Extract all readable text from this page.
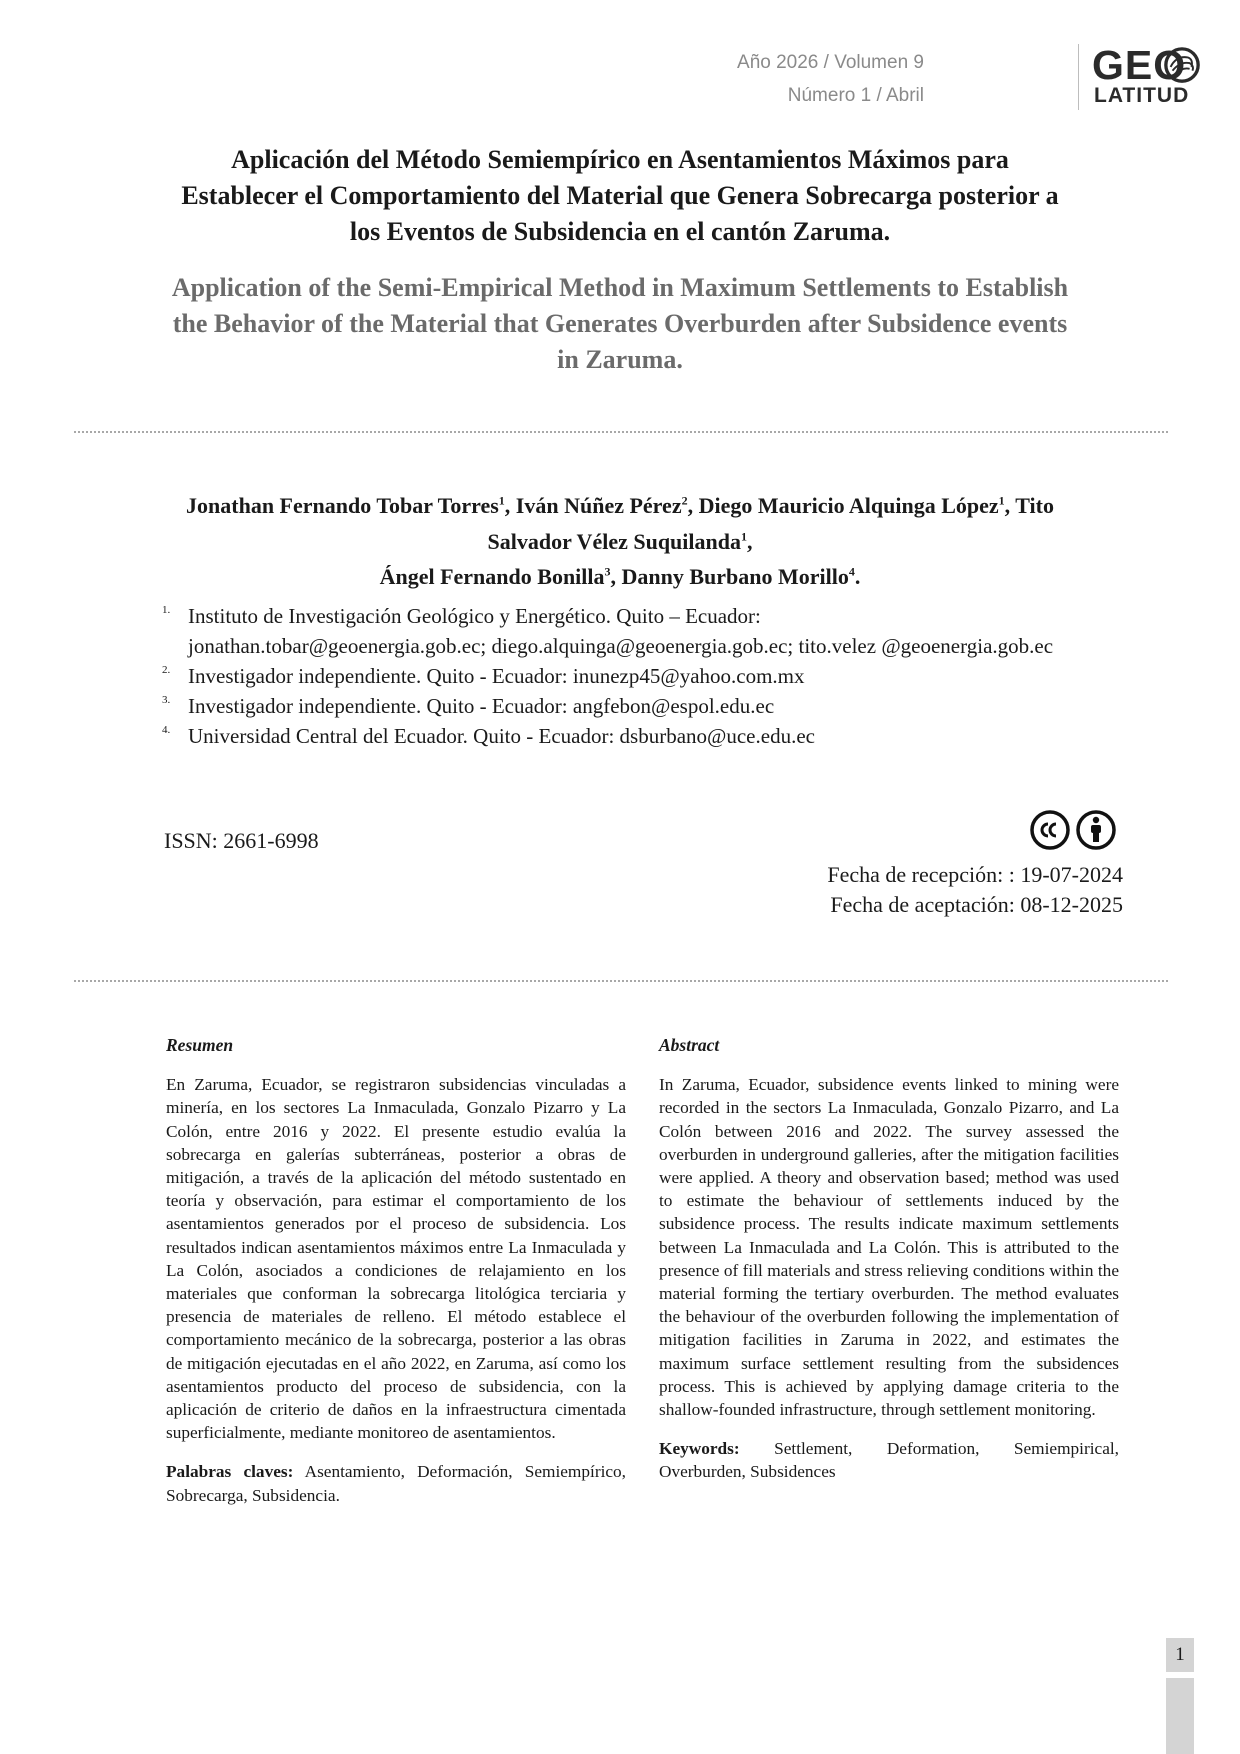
Año 2026 / Volumen 9
Número 1 / Abril
GEO
LATITUD
Aplicación del Método Semiempírico en Asentamientos Máximos para Establecer el Comportamiento del Material que Genera Sobrecarga posterior a los Eventos de Subsidencia en el cantón Zaruma.
Application of the Semi-Empirical Method in Maximum Settlements to Establish the Behavior of the Material that Generates Overburden after Subsidence events in Zaruma.
Jonathan Fernando Tobar Torres$^1$, Iván Núñez Pérez$^2$, Diego Mauricio Alquinga López$^1$, Tito Salvador Vélez Suquilanda$^1$,
Ángel Fernando Bonilla$^3$, Danny Burbano Morillo$^4$.
1. Instituto de Investigación Geológico y Energético. Quito – Ecuador:
jonathan.tobar@geoenergia.gob.ec; diego.alquinga@geoenergia.gob.ec; tito.velez @geoenergia.gob.ec
2. Investigador independiente. Quito - Ecuador: inunezp45@yahoo.com.mx
3. Investigador independiente. Quito - Ecuador: angfebon@espol.edu.ec
4. Universidad Central del Ecuador. Quito - Ecuador: dsburbano@uce.edu.ec
ISSN: 2661-6998
Fecha de recepción: : 19-07-2024
Fecha de aceptación: 08-12-2025
Resumen

En Zaruma, Ecuador, se registraron subsidencias vinculadas a minería, en los sectores La Inmaculada, Gonzalo Pizarro y La Colón, entre 2016 y 2022. El presente estudio evalúa la sobrecarga en galerías subterráneas, posterior a obras de mitigación, a través de la aplicación del método sustentado en teoría y observación, para estimar el comportamiento de los asentamientos generados por el proceso de subsidencia. Los resultados indican asentamientos máximos entre La Inmaculada y La Colón, asociados a condiciones de relajamiento en los materiales que conforman la sobrecarga litológica terciaria y presencia de materiales de relleno. El método establece el comportamiento mecánico de la sobrecarga, posterior a las obras de mitigación ejecutadas en el año 2022, en Zaruma, así como los asentamientos producto del proceso de subsidencia, con la aplicación de criterio de daños en la infraestructura cimentada superficialmente, mediante monitoreo de asentamientos.

Palabras claves: Asentamiento, Deformación, Semiempírico, Sobrecarga, Subsidencia.

Abstract

In Zaruma, Ecuador, subsidence events linked to mining were recorded in the sectors La Inmaculada, Gonzalo Pizarro, and La Colón between 2016 and 2022. The survey assessed the overburden in underground galleries, after the mitigation facilities were applied. A theory and observation based; method was used to estimate the behaviour of settlements induced by the subsidence process. The results indicate maximum settlements between La Inmaculada and La Colón. This is attributed to the presence of fill materials and stress relieving conditions within the material forming the tertiary overburden. The method evaluates the behaviour of the overburden following the implementation of mitigation facilities in Zaruma in 2022, and estimates the maximum surface settlement resulting from the subsidences process. This is achieved by applying damage criteria to the shallow-founded infrastructure, through settlement monitoring.

Keywords: Settlement, Deformation, Semiempirical, Overburden, Subsidences

1
